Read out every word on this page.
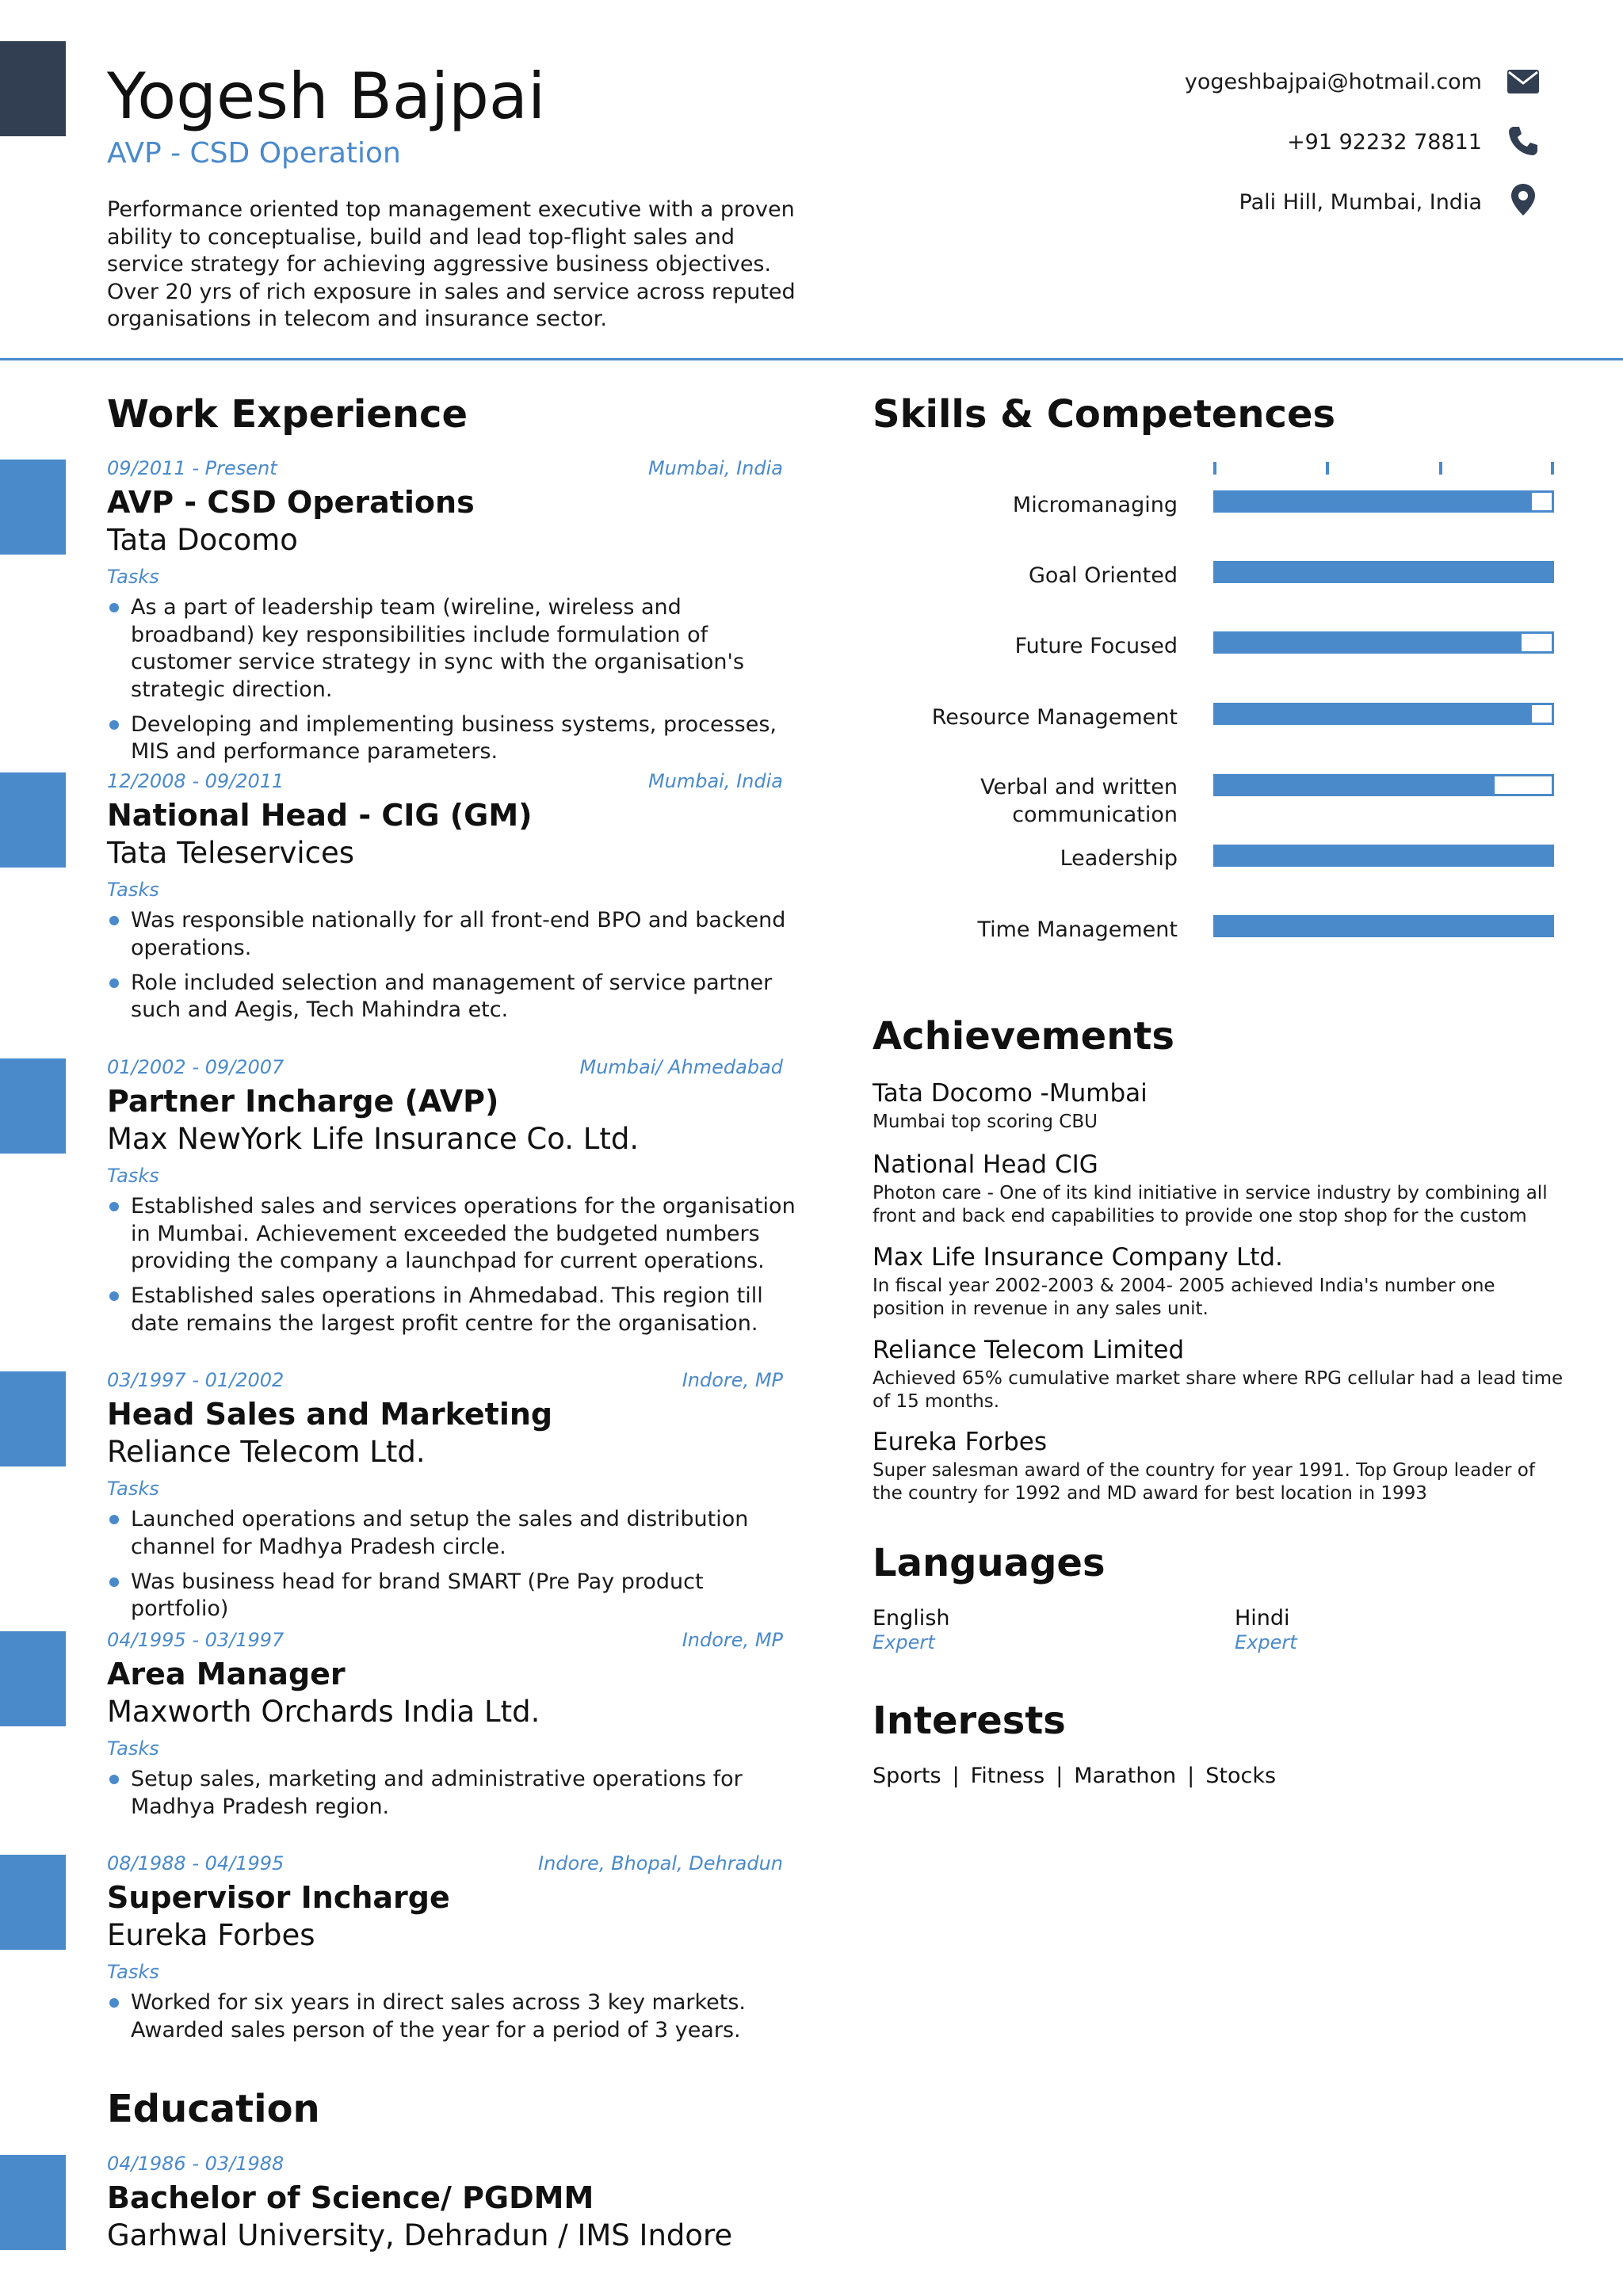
Yogesh Bajpai
AVP - CSD Operation
Performance oriented top management executive with a proven ability to conceptualise, build and lead top-flight sales and service strategy for achieving aggressive business objectives. Over 20 yrs of rich exposure in sales and service across reputed organisations in telecom and insurance sector.
yogeshbajpai@hotmail.com
+91 92232 78811
Pali Hill, Mumbai, India
Work Experience
09/2011 - Present	Mumbai, India
AVP - CSD Operations
Tata Docomo
Tasks
As a part of leadership team (wireline, wireless and broadband) key responsibilities include formulation of customer service strategy in sync with the organisation's strategic direction.
Developing and implementing business systems, processes, MIS and performance parameters.
12/2008 - 09/2011	Mumbai, India
National Head - CIG (GM)
Tata Teleservices
Tasks
Was responsible nationally for all front-end BPO and backend operations.
Role included selection and management of service partner such and Aegis, Tech Mahindra etc.
01/2002 - 09/2007	Mumbai/ Ahmedabad
Partner Incharge (AVP)
Max NewYork Life Insurance Co. Ltd.
Tasks
Established sales and services operations for the organisation in Mumbai. Achievement exceeded the budgeted numbers providing the company a launchpad for current operations.
Established sales operations in Ahmedabad. This region till date remains the largest profit centre for the organisation.
03/1997 - 01/2002	Indore, MP
Head Sales and Marketing
Reliance Telecom Ltd.
Tasks
Launched operations and setup the sales and distribution channel for Madhya Pradesh circle.
Was business head for brand SMART (Pre Pay product portfolio)
04/1995 - 03/1997	Indore, MP
Area Manager
Maxworth Orchards India Ltd.
Tasks
Setup sales, marketing and administrative operations for Madhya Pradesh region.
08/1988 - 04/1995	Indore, Bhopal, Dehradun
Supervisor Incharge
Eureka Forbes
Tasks
Worked for six years in direct sales across 3 key markets. Awarded sales person of the year for a period of 3 years.
Education
04/1986 - 03/1988
Bachelor of Science/ PGDMM
Garhwal University, Dehradun / IMS Indore
Skills & Competences
Micromanaging
Goal Oriented
Future Focused
Resource Management
Verbal and written communication
Leadership
Time Management
Achievements
Tata Docomo -Mumbai
Mumbai top scoring CBU
National Head CIG
Photon care - One of its kind initiative in service industry by combining all front and back end capabilities to provide one stop shop for the custom
Max Life Insurance Company Ltd.
In fiscal year 2002-2003 & 2004- 2005 achieved India's number one position in revenue in any sales unit.
Reliance Telecom Limited
Achieved 65% cumulative market share where RPG cellular had a lead time of 15 months.
Eureka Forbes
Super salesman award of the country for year 1991. Top Group leader of the country for 1992 and MD award for best location in 1993
Languages
English
Expert
Hindi
Expert
Interests
Sports | Fitness | Marathon | Stocks
